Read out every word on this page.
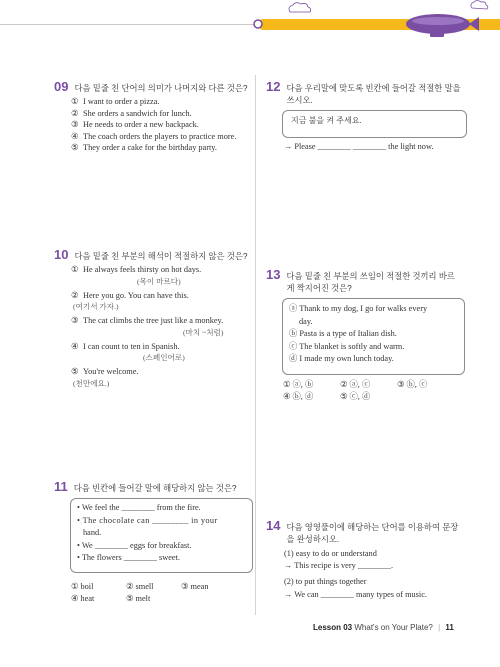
09 다음 밑줄 친 단어의 의미가 나머지와 다른 것은?
① I want to order a pizza.
② She orders a sandwich for lunch.
③ He needs to order a new backpack.
④ The coach orders the players to practice more.
⑤ They order a cake for the birthday party.
10 다음 밑줄 친 부분의 해석이 적절하지 않은 것은?
① He always feels thirsty on hot days.
(목이 마르다)
② Here you go. You can have this.
(여기서 가자.)
③ The cat climbs the tree just like a monkey.
(마치 ~처럼)
④ I can count to ten in Spanish.
(스페인어로)
⑤ You're welcome.
(천만에요.)
11 다음 빈칸에 들어갈 말에 해당하지 않는 것은?
• We feel the ________ from the fire.
• The chocolate can ________ in your
hand.
• We ________ eggs for breakfast.
• The flowers ________ sweet.
① boil	② smell	③ mean
④ heat	⑤ melt
12 다음 우리말에 맞도록 빈칸에 들어갈 적절한 말을 쓰시오.
지금 불을 켜 주세요.
→ Please ________ ________ the light now.
13 다음 밑줄 친 부분의 쓰임이 적절한 것끼리 바르게 짝지어진 것은?
ⓐ Thank to my dog, I go for walks every
day.
ⓑ Pasta is a type of Italian dish.
ⓒ The blanket is softly and warm.
ⓓ I made my own lunch today.
① ⓐ, ⓑ	② ⓐ, ⓒ	③ ⓑ, ⓒ
④ ⓑ, ⓓ	⑤ ⓒ, ⓓ
14 다음 영영풀이에 해당하는 단어를 이용하여 문장을 완성하시오.
(1) easy to do or understand
→ This recipe is very ________.
(2) to put things together
→ We can ________ many types of music.
Lesson 03 What's on Your Plate? | 11
